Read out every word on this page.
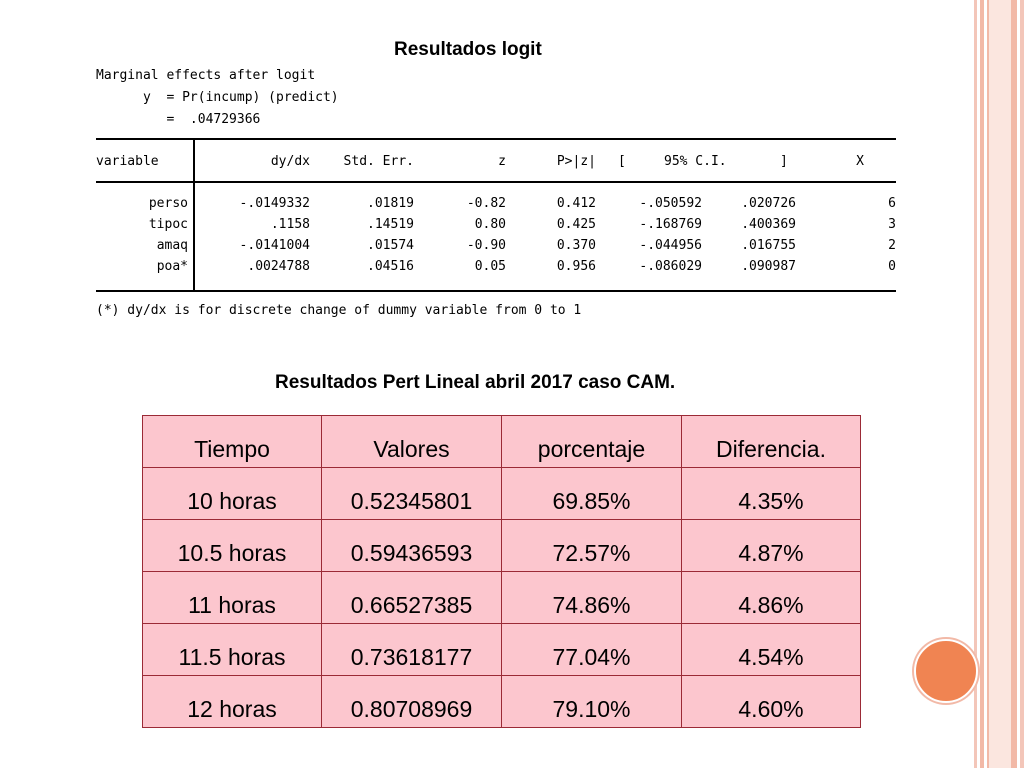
Resultados logit
Marginal effects after logit
y  = Pr(incump) (predict)
=  .04729366
variable	dy/dx	Std. Err.	z	P>|z| [	95% C.I.	]	X
perso	-.0149332	.01819	-0.82	0.412	-.050592	.020726	6
tipoc	.1158	.14519	0.80	0.425	-.168769	.400369	3
amaq	-.0141004	.01574	-0.90	0.370	-.044956	.016755	2
poa*	.0024788	.04516	0.05	0.956	-.086029	.090987	0
(*) dy/dx is for discrete change of dummy variable from 0 to 1
Resultados Pert Lineal abril 2017 caso CAM.
Tiempo	Valores	porcentaje	Diferencia.
10 horas	0.52345801	69.85%	4.35%
10.5 horas	0.59436593	72.57%	4.87%
11 horas	0.66527385	74.86%	4.86%
11.5 horas	0.73618177	77.04%	4.54%
12 horas	0.80708969	79.10%	4.60%
